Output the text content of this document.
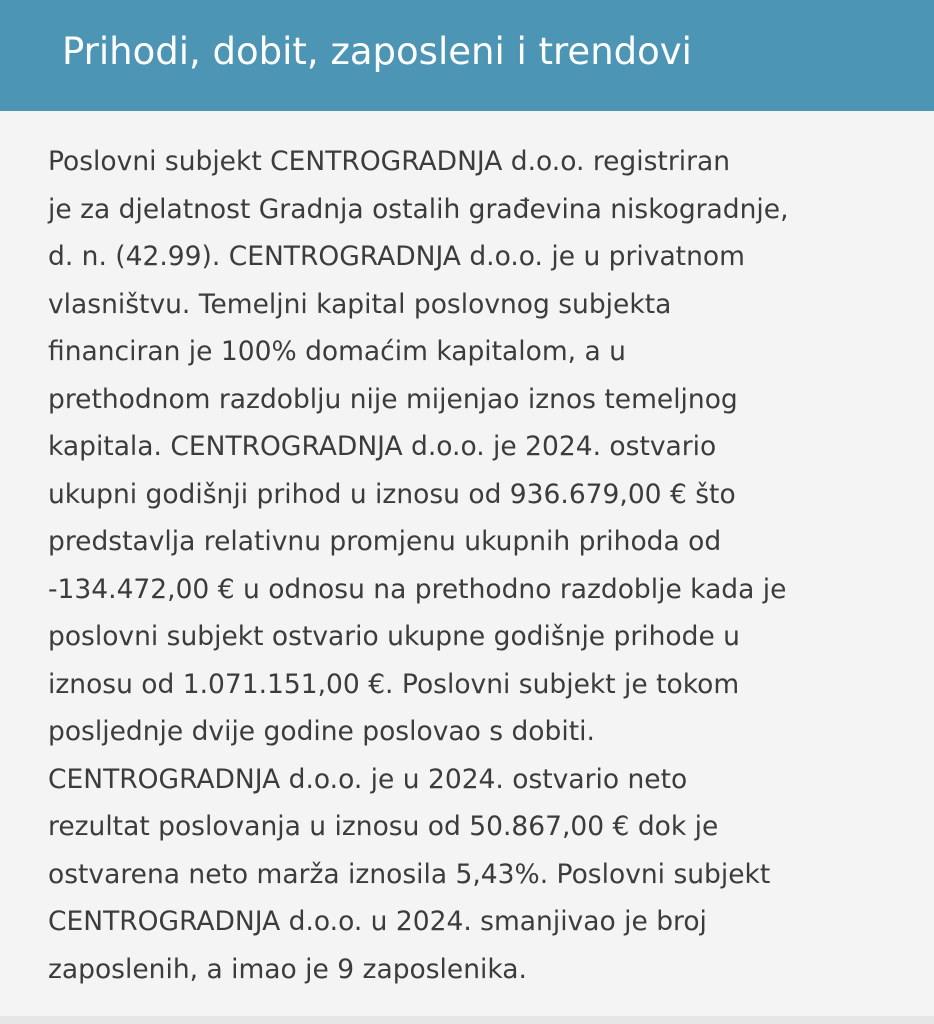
Prihodi, dobit, zaposleni i trendovi

Poslovni subjekt CENTROGRADNJA d.o.o. registriran
je za djelatnost Gradnja ostalih građevina niskogradnje,
d. n. (42.99). CENTROGRADNJA d.o.o. je u privatnom
vlasništvu. Temeljni kapital poslovnog subjekta
financiran je 100% domaćim kapitalom, a u
prethodnom razdoblju nije mijenjao iznos temeljnog
kapitala. CENTROGRADNJA d.o.o. je 2024. ostvario
ukupni godišnji prihod u iznosu od 936.679,00 € što
predstavlja relativnu promjenu ukupnih prihoda od
-134.472,00 € u odnosu na prethodno razdoblje kada je
poslovni subjekt ostvario ukupne godišnje prihode u
iznosu od 1.071.151,00 €. Poslovni subjekt je tokom
posljednje dvije godine poslovao s dobiti.
CENTROGRADNJA d.o.o. je u 2024. ostvario neto
rezultat poslovanja u iznosu od 50.867,00 € dok je
ostvarena neto marža iznosila 5,43%. Poslovni subjekt
CENTROGRADNJA d.o.o. u 2024. smanjivao je broj
zaposlenih, a imao je 9 zaposlenika.
